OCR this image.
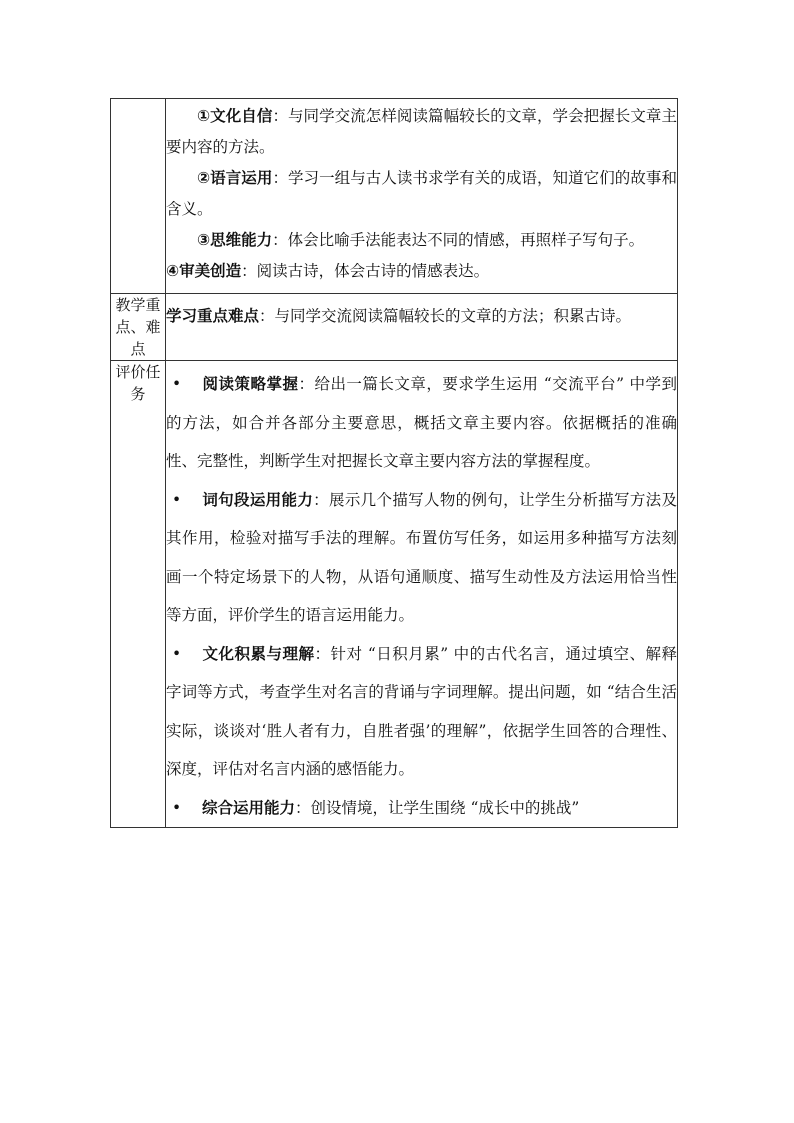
	①文化自信：与同学交流怎样阅读篇幅较长的文章，学会把握长文章主要内容的方法。

②语言运用：学习一组与古人读书求学有关的成语，知道它们的故事和含义。

③思维能力：体会比喻手法能表达不同的情感，再照样子写句子。

④审美创造：阅读古诗，体会古诗的情感表达。

教学重点、难点	学习重点难点：与同学交流阅读篇幅较长的文章的方法；积累古诗。
评价任务	• 阅读策略掌握：给出一篇长文章，要求学生运用 “交流平台” 中学到的方法，如合并各部分主要意思，概括文章主要内容。依据概括的准确性、完整性，判断学生对把握长文章主要内容方法的掌握程度。

• 词句段运用能力：展示几个描写人物的例句，让学生分析描写方法及其作用，检验对描写手法的理解。布置仿写任务，如运用多种描写方法刻画一个特定场景下的人物，从语句通顺度、描写生动性及方法运用恰当性等方面，评价学生的语言运用能力。

• 文化积累与理解：针对 “日积月累” 中的古代名言，通过填空、解释字词等方式，考查学生对名言的背诵与字词理解。提出问题，如 “结合生活实际，谈谈对‘胜人者有力，自胜者强’的理解”，依据学生回答的合理性、深度，评估对名言内涵的感悟能力。

• 综合运用能力：创设情境，让学生围绕 “成长中的挑战”
